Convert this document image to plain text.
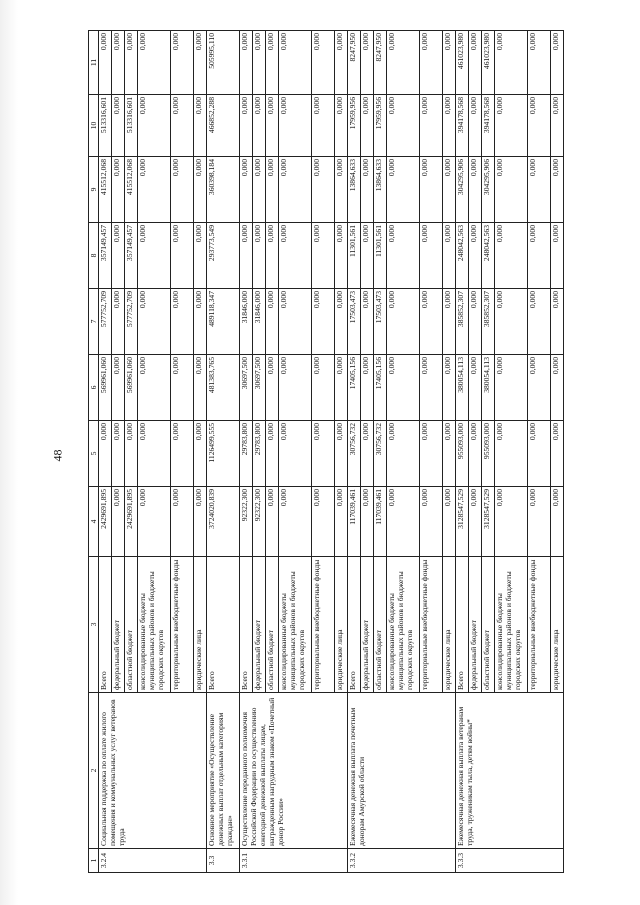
48
1	2	3	4	5	6	7	8	9	10	11
3.2.4	Социальная поддержка по оплате жилого помещения и коммунальных услуг ветеранов труда	Всего	2429691,895	0,000	569961,060	577752,709	357149,457	415512,068	513316,601	0,000
		федеральный бюджет	0,000	0,000	0,000	0,000	0,000	0,000	0,000	0,000
		областной бюджет	2429691,895	0,000	569961,060	577752,709	357149,457	415512,068	513316,601	0,000
		консолидированные бюджеты муниципальных районов и бюджеты городских округов	0,000	0,000	0,000	0,000	0,000	0,000	0,000	0,000
		территориальные внебюджетные фонды	0,000	0,000	0,000	0,000	0,000	0,000	0,000	0,000
		юридические лица	0,000	0,000	0,000	0,000	0,000	0,000	0,000	0,000
3.3	Основное мероприятие «Осуществление денежных выплат отдельным категориям граждан»	Всего	3724020,839	1126499,555	481383,765	489118,347	293773,549	360398,184	466852,288	505995,110
3.3.1	Осуществление переданного полномочия Российской Федерации по осуществлению ежегодной денежной выплаты лицам, награжденным нагрудным знаком «Почетный донор России»	Всего	92322,300	29783,800	30697,500	31846,000	0,000	0,000	0,000	0,000
		федеральный бюджет	92322,300	29783,800	30697,500	31846,000	0,000	0,000	0,000	0,000
		областной бюджет	0,000	0,000	0,000	0,000	0,000	0,000	0,000	0,000
		консолидированные бюджеты муниципальных районов и бюджеты городских округов	0,000	0,000	0,000	0,000	0,000	0,000	0,000	0,000
		территориальные внебюджетные фонды	0,000	0,000	0,000	0,000	0,000	0,000	0,000	0,000
		юридические лица	0,000	0,000	0,000	0,000	0,000	0,000	0,000	0,000
3.3.2	Ежемесячная денежная выплата почетным донорам Амурской области	Всего	117039,461	30756,732	17405,156	17503,473	11301,561	13864,633	17959,956	8247,950
		федеральный бюджет	0,000	0,000	0,000	0,000	0,000	0,000	0,000	0,000
		областной бюджет	117039,461	30756,732	17405,156	17503,473	11301,561	13864,633	17959,956	8247,950
		консолидированные бюджеты муниципальных районов и бюджеты городских округов	0,000	0,000	0,000	0,000	0,000	0,000	0,000	0,000
		территориальные внебюджетные фонды	0,000	0,000	0,000	0,000	0,000	0,000	0,000	0,000
		юридические лица	0,000	0,000	0,000	0,000	0,000	0,000	0,000	0,000
3.3.3	Ежемесячная денежная выплата ветеранам труда, труженикам тыла, детям войны*	Всего	3128547,529	955093,000	380054,113	385852,307	248042,563	304295,906	394178,568	461023,980
		федеральный бюджет	0,000	0,000	0,000	0,000	0,000	0,000	0,000	0,000
		областной бюджет	3128547,529	955093,000	380054,113	385852,307	248042,563	304295,906	394178,568	461023,980
		консолидированные бюджеты муниципальных районов и бюджеты городских округов	0,000	0,000	0,000	0,000	0,000	0,000	0,000	0,000
		территориальные внебюджетные фонды	0,000	0,000	0,000	0,000	0,000	0,000	0,000	0,000
		юридические лица	0,000	0,000	0,000	0,000	0,000	0,000	0,000	0,000
